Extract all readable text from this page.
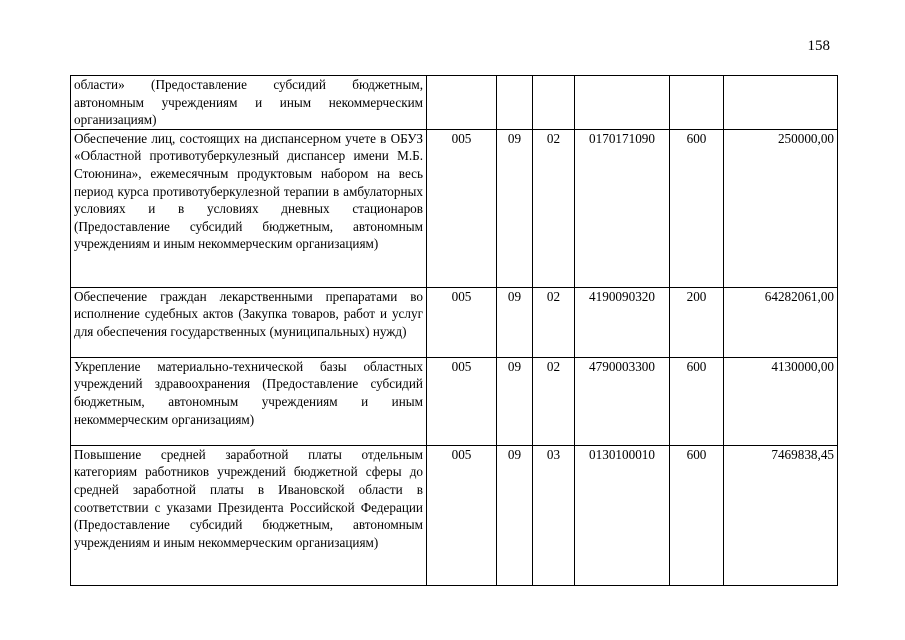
158
области» (Предоставление субсидий бюджетным, автономным учреждениям и иным некоммерческим организациям)						
Обеспечение лиц, состоящих на диспансерном учете в ОБУЗ «Областной противотуберкулезный диспансер имени М.Б. Стоюнина», ежемесячным продуктовым набором на весь период курса противотуберкулезной терапии в амбулаторных условиях и в условиях дневных стационаров (Предоставление субсидий бюджетным, автономным учреждениям и иным некоммерческим организациям)	005	09	02	0170171090	600	250000,00
Обеспечение граждан лекарственными препаратами во исполнение судебных актов (Закупка товаров, работ и услуг для обеспечения государственных (муниципальных) нужд)	005	09	02	4190090320	200	64282061,00
Укрепление материально-технической базы областных учреждений здравоохранения (Предоставление субсидий бюджетным, автономным учреждениям и иным некоммерческим организациям)	005	09	02	4790003300	600	4130000,00
Повышение средней заработной платы отдельным категориям работников учреждений бюджетной сферы до средней заработной платы в Ивановской области в соответствии с указами Президента Российской Федерации (Предоставление субсидий бюджетным, автономным учреждениям и иным некоммерческим организациям)	005	09	03	0130100010	600	7469838,45
